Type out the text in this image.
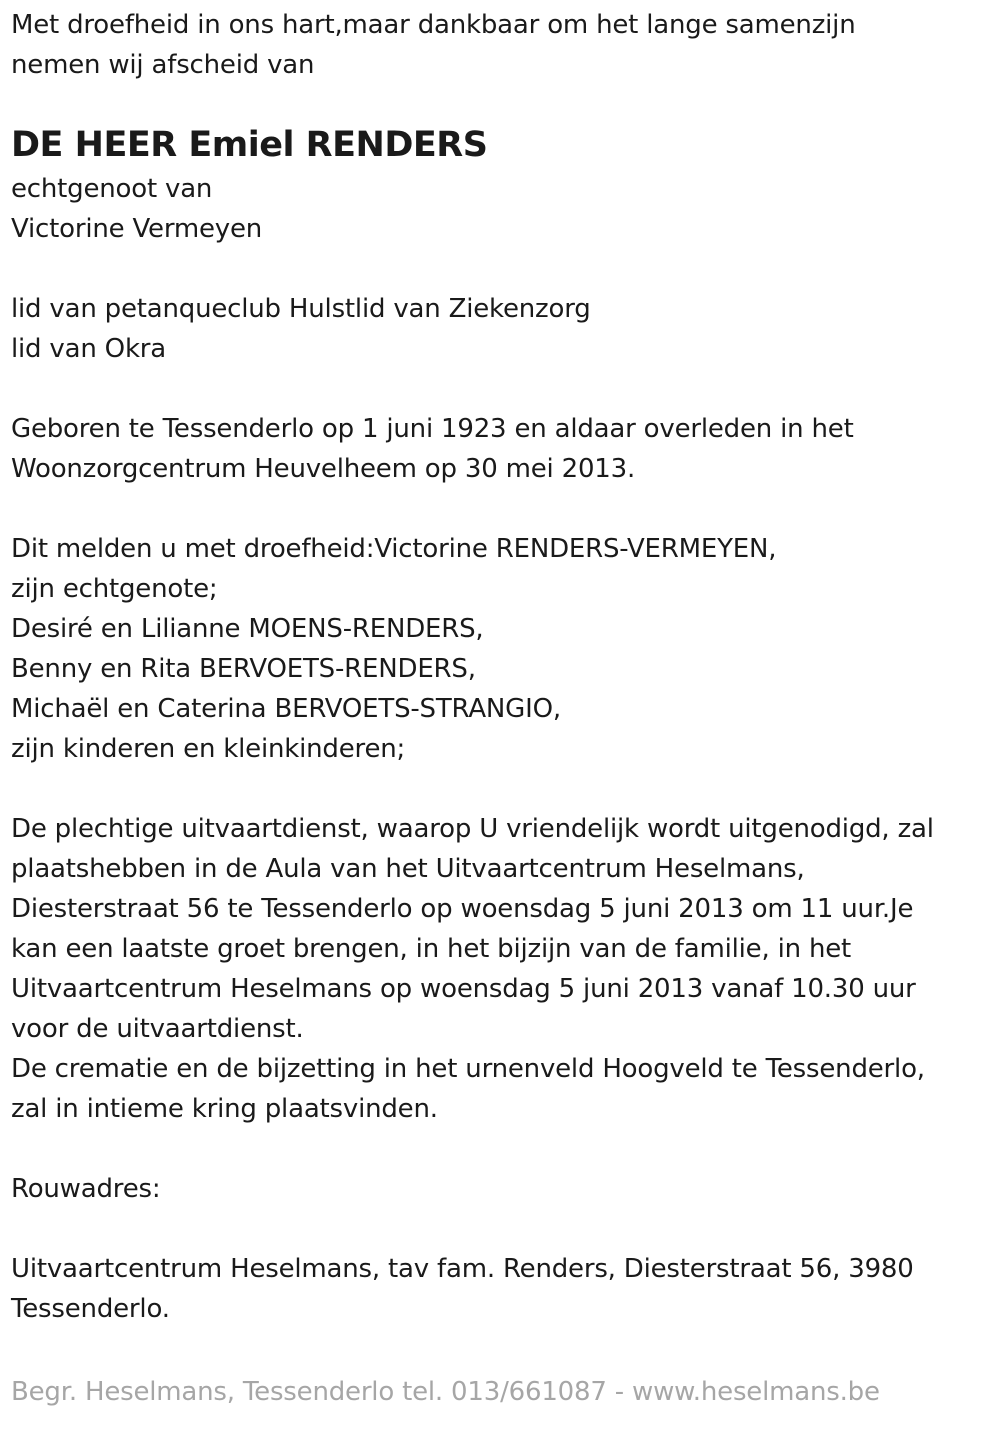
Met droefheid in ons hart,maar dankbaar om het lange samenzijn
nemen wij afscheid van
DE HEER Emiel RENDERS
echtgenoot van
Victorine Vermeyen
lid van petanqueclub Hulstlid van Ziekenzorg
lid van Okra
Geboren te Tessenderlo op 1 juni 1923 en aldaar overleden in het
Woonzorgcentrum Heuvelheem op 30 mei 2013.
Dit melden u met droefheid:Victorine RENDERS-VERMEYEN,
zijn echtgenote;
Desiré en Lilianne MOENS-RENDERS,
Benny en Rita BERVOETS-RENDERS,
Michaël en Caterina BERVOETS-STRANGIO,
zijn kinderen en kleinkinderen;
De plechtige uitvaartdienst, waarop U vriendelijk wordt uitgenodigd, zal
plaatshebben in de Aula van het Uitvaartcentrum Heselmans,
Diesterstraat 56 te Tessenderlo op woensdag 5 juni 2013 om 11 uur.Je
kan een laatste groet brengen, in het bijzijn van de familie, in het
Uitvaartcentrum Heselmans op woensdag 5 juni 2013 vanaf 10.30 uur
voor de uitvaartdienst.
De crematie en de bijzetting in het urnenveld Hoogveld te Tessenderlo,
zal in intieme kring plaatsvinden.
Rouwadres:
Uitvaartcentrum Heselmans, tav fam. Renders, Diesterstraat 56, 3980
Tessenderlo.
Begr. Heselmans, Tessenderlo tel. 013/661087 - www.heselmans.be
